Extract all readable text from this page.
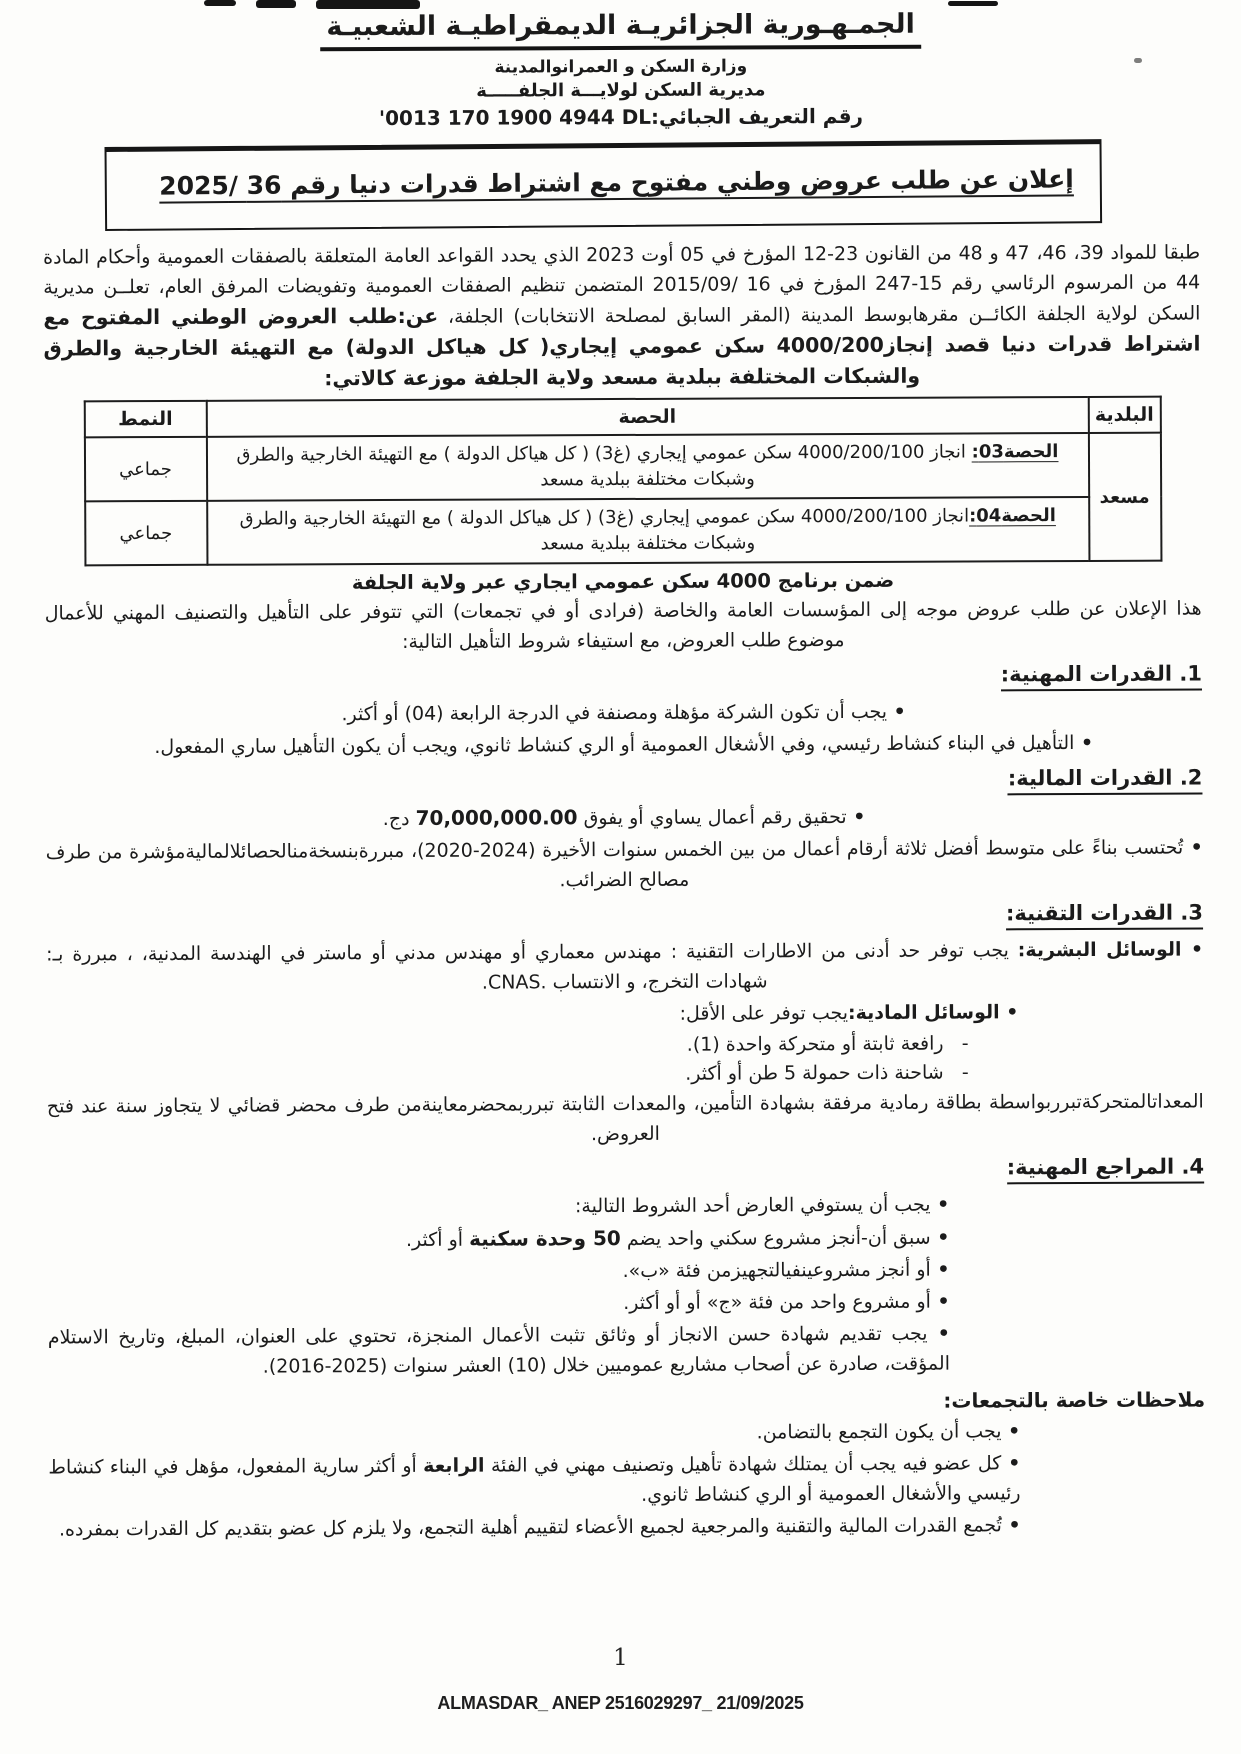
الجمـهـورية الجزائريـة الديمقراطيـة الشعبيـة
وزارة السكن و العمرانوالمدينة
مديرية السكن لولايـــة الجلفـــــة
رقم التعريف الجبائي:'0013 170 1900 4944 DL
إعلان عن طلب عروض وطني مفتوح مع اشتراط قدرات دنيا رقم 36 /2025

طبقا للمواد 39، 46، 47 و 48 من القانون 23‏-12 المؤرخ في 05 أوت 2023 الذي يحدد القواعد العامة المتعلقة بالصفقات العمومية وأحكام المادة 44 من المرسوم الرئاسي رقم 15‏-247 المؤرخ في 16 /2015/09 المتضمن تنظيم الصفقات العمومية وتفويضات المرفق العام، تعلــن مديرية السكن لولاية الجلفة الكائــن مقرهابوسط المدينة (المقر السابق لمصلحة الانتخابات) الجلفة، عن:طلب العروض الوطني المفتوح مع اشتراط قدرات دنيا قصد إنجاز4000/200 سكن عمومي إيجاري( كل هياكل الدولة) مع التهيئة الخارجية والطرق والشبكات المختلفة ببلدية مسعد ولاية الجلفة موزعة كالاتي:

البلدية	الحصة	النمط
مسعد	الحصة03: انجاز 4000/200/100 سكن عمومي إيجاري (غ3) ( كل هياكل الدولة ) مع التهيئة الخارجية والطرق وشبكات مختلفة ببلدية مسعد	جماعي
	الحصة04:انجاز 4000/200/100 سكن عمومي إيجاري (غ3) ( كل هياكل الدولة ) مع التهيئة الخارجية والطرق وشبكات مختلفة ببلدية مسعد	جماعي
ضمن برنامج 4000 سكن عمومي ايجاري عبر ولاية الجلفة

هذا الإعلان عن طلب عروض موجه إلى المؤسسات العامة والخاصة (فرادى أو في تجمعات) التي تتوفر على التأهيل والتصنيف المهني للأعمال موضوع طلب العروض، مع استيفاء شروط التأهيل التالية:

1. القدرات المهنية:
• يجب أن تكون الشركة مؤهلة ومصنفة في الدرجة الرابعة (04) أو أكثر.
• التأهيل في البناء كنشاط رئيسي، وفي الأشغال العمومية أو الري كنشاط ثانوي، ويجب أن يكون التأهيل ساري المفعول.
2. القدرات المالية:
• تحقيق رقم أعمال يساوي أو يفوق 70,000,000.00 دج.
• تُحتسب بناءً على متوسط أفضل ثلاثة أرقام أعمال من بين الخمس سنوات الأخيرة (2024-2020)، مبررةبنسخةمنالحصائلالماليةمؤشرة من طرف مصالح الضرائب.
3. القدرات التقنية:
• الوسائل البشرية: يجب توفر حد أدنى من الاطارات التقنية : مهندس معماري أو مهندس مدني أو ماستر في الهندسة المدنية، ، مبررة بـ: شهادات التخرج، و الانتساب .CNAS.
• الوسائل المادية:يجب توفر على الأقل:
- رافعة ثابتة أو متحركة واحدة (1).
- شاحنة ذات حمولة 5 طن أو أكثر.
المعداتالمتحركةتبرربواسطة بطاقة رمادية مرفقة بشهادة التأمين، والمعدات الثابتة تبرربمحضرمعاينةمن طرف محضر قضائي لا يتجاوز سنة عند فتح العروض.
4. المراجع المهنية:
• يجب أن يستوفي العارض أحد الشروط التالية:
• سبق أن-أنجز مشروع سكني واحد يضم 50 وحدة سكنية أو أكثر.
• أو أنجز مشروعينفيالتجهيزمن فئة «ب».
• أو مشروع واحد من فئة «ج» أو أو أكثر.
• يجب تقديم شهادة حسن الانجاز أو وثائق تثبت الأعمال المنجزة، تحتوي على العنوان، المبلغ، وتاريخ الاستلام المؤقت، صادرة عن أصحاب مشاريع عموميين خلال (10) العشر سنوات (2025-2016).
ملاحظات خاصة بالتجمعات:
• يجب أن يكون التجمع بالتضامن.
• كل عضو فيه يجب أن يمتلك شهادة تأهيل وتصنيف مهني في الفئة الرابعة أو أكثر سارية المفعول، مؤهل في البناء كنشاط رئيسي والأشغال العمومية أو الري كنشاط ثانوي.
• تُجمع القدرات المالية والتقنية والمرجعية لجميع الأعضاء لتقييم أهلية التجمع، ولا يلزم كل عضو بتقديم كل القدرات بمفرده.
1
ALMASDAR_ ANEP 2516029297_ 21/09/2025
